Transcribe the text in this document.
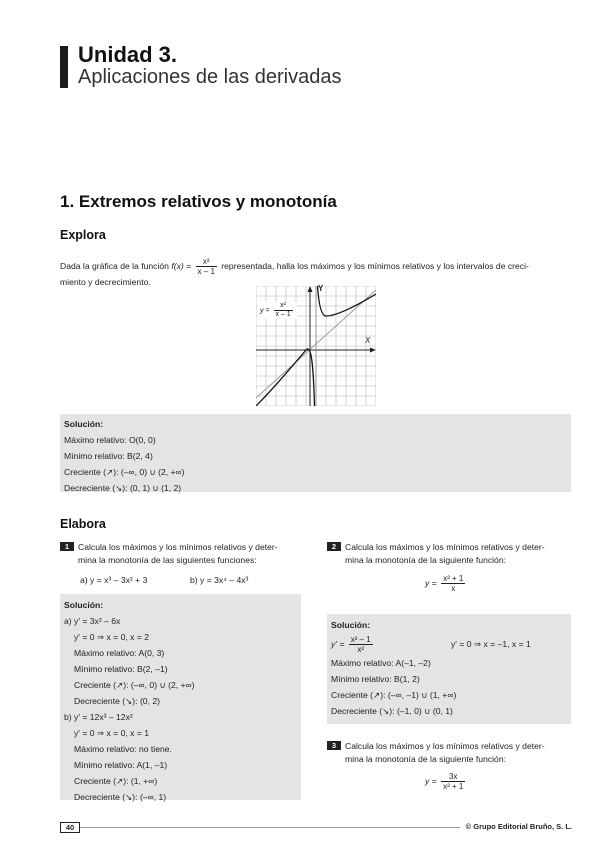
Unidad 3.
Aplicaciones de las derivadas
1. Extremos relativos y monotonía
Explora
Dada la gráfica de la función $f(x) = \frac{\text{x²}}{x - 1}$ representada, halla los máximos y los mínimos relativos y los intervalos de creci-
miento y decrecimiento.
Y
X
$y = \frac{\text{x²}}{x - 1}$
Solución:
Máximo relativo: O(0, 0)
Mínimo relativo: B(2, 4)
Creciente (↗): (–∞, 0) ∪ (2, +∞)
Decreciente (↘): (0, 1) ∪ (1, 2)
Elabora
1 Calcula los máximos y los mínimos relativos y deter-
mina la monotonía de las siguientes funciones:
a) y = x³ – 3x² + 3	b) y = 3x⁴ – 4x³
Solución:
a) y' = 3x² – 6x
y' = 0 ⇒ x = 0, x = 2
Máximo relativo: A(0, 3)
Mínimo relativo: B(2, –1)
Creciente (↗): (–∞, 0) ∪ (2, +∞)
Decreciente (↘): (0, 2)
b) y' = 12x³ – 12x²
y' = 0 ⇒ x = 0, x = 1
Máximo relativo: no tiene.
Mínimo relativo: A(1, –1)
Creciente (↗): (1, +∞)
Decreciente (↘): (–∞, 1)
2 Calcula los máximos y los mínimos relativos y deter-
mina la monotonía de la siguiente función:
$y = \frac{\text{x² + 1}}{x}$
Solución:
$y' = \frac{\text{x² – 1}}{\text{x²}}$	y' = 0 ⇒ x = –1, x = 1
Máximo relativo: A(–1, –2)
Mínimo relativo: B(1, 2)
Creciente (↗): (–∞, –1) ∪ (1, +∞)
Decreciente (↘): (–1, 0) ∪ (0, 1)
3 Calcula los máximos y los mínimos relativos y deter-
mina la monotonía de la siguiente función:
$y = \frac{3x}{\text{x² + 1}}$
40	© Grupo Editorial Bruño, S. L.
